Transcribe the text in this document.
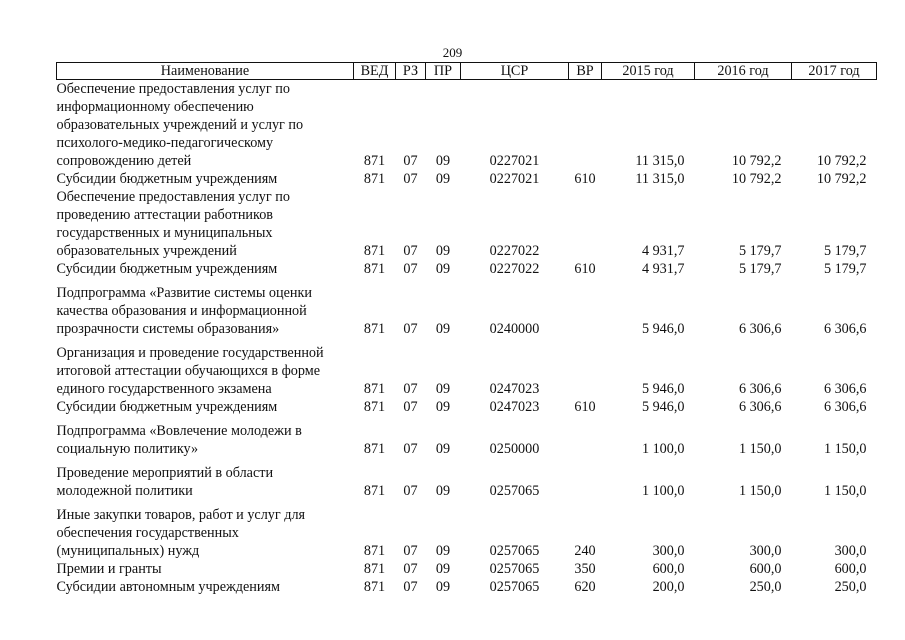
209
Наименование	ВЕД	РЗ	ПР	ЦСР	ВР	2015 год	2016 год	2017 год
Обеспечение предоставления услуг по информационному обеспечению образовательных учреждений и услуг по психолого-медико-педагогическому сопровождению детей	871	07	09	0227021		11 315,0	10 792,2	10 792,2
Субсидии бюджетным учреждениям	871	07	09	0227021	610	11 315,0	10 792,2	10 792,2
Обеспечение предоставления услуг по проведению аттестации работников государственных и муниципальных образовательных учреждений	871	07	09	0227022		4 931,7	5 179,7	5 179,7
Субсидии бюджетным учреждениям	871	07	09	0227022	610	4 931,7	5 179,7	5 179,7
Подпрограмма «Развитие системы оценки качества образования и информационной прозрачности системы образования»	871	07	09	0240000		5 946,0	6 306,6	6 306,6
Организация и проведение государственной итоговой аттестации обучающихся в форме единого государственного экзамена	871	07	09	0247023		5 946,0	6 306,6	6 306,6
Субсидии бюджетным учреждениям	871	07	09	0247023	610	5 946,0	6 306,6	6 306,6
Подпрограмма «Вовлечение молодежи в социальную политику»	871	07	09	0250000		1 100,0	1 150,0	1 150,0
Проведение мероприятий в области молодежной политики	871	07	09	0257065		1 100,0	1 150,0	1 150,0
Иные закупки товаров, работ и услуг для обеспечения государственных (муниципальных) нужд	871	07	09	0257065	240	300,0	300,0	300,0
Премии и гранты	871	07	09	0257065	350	600,0	600,0	600,0
Субсидии автономным учреждениям	871	07	09	0257065	620	200,0	250,0	250,0
